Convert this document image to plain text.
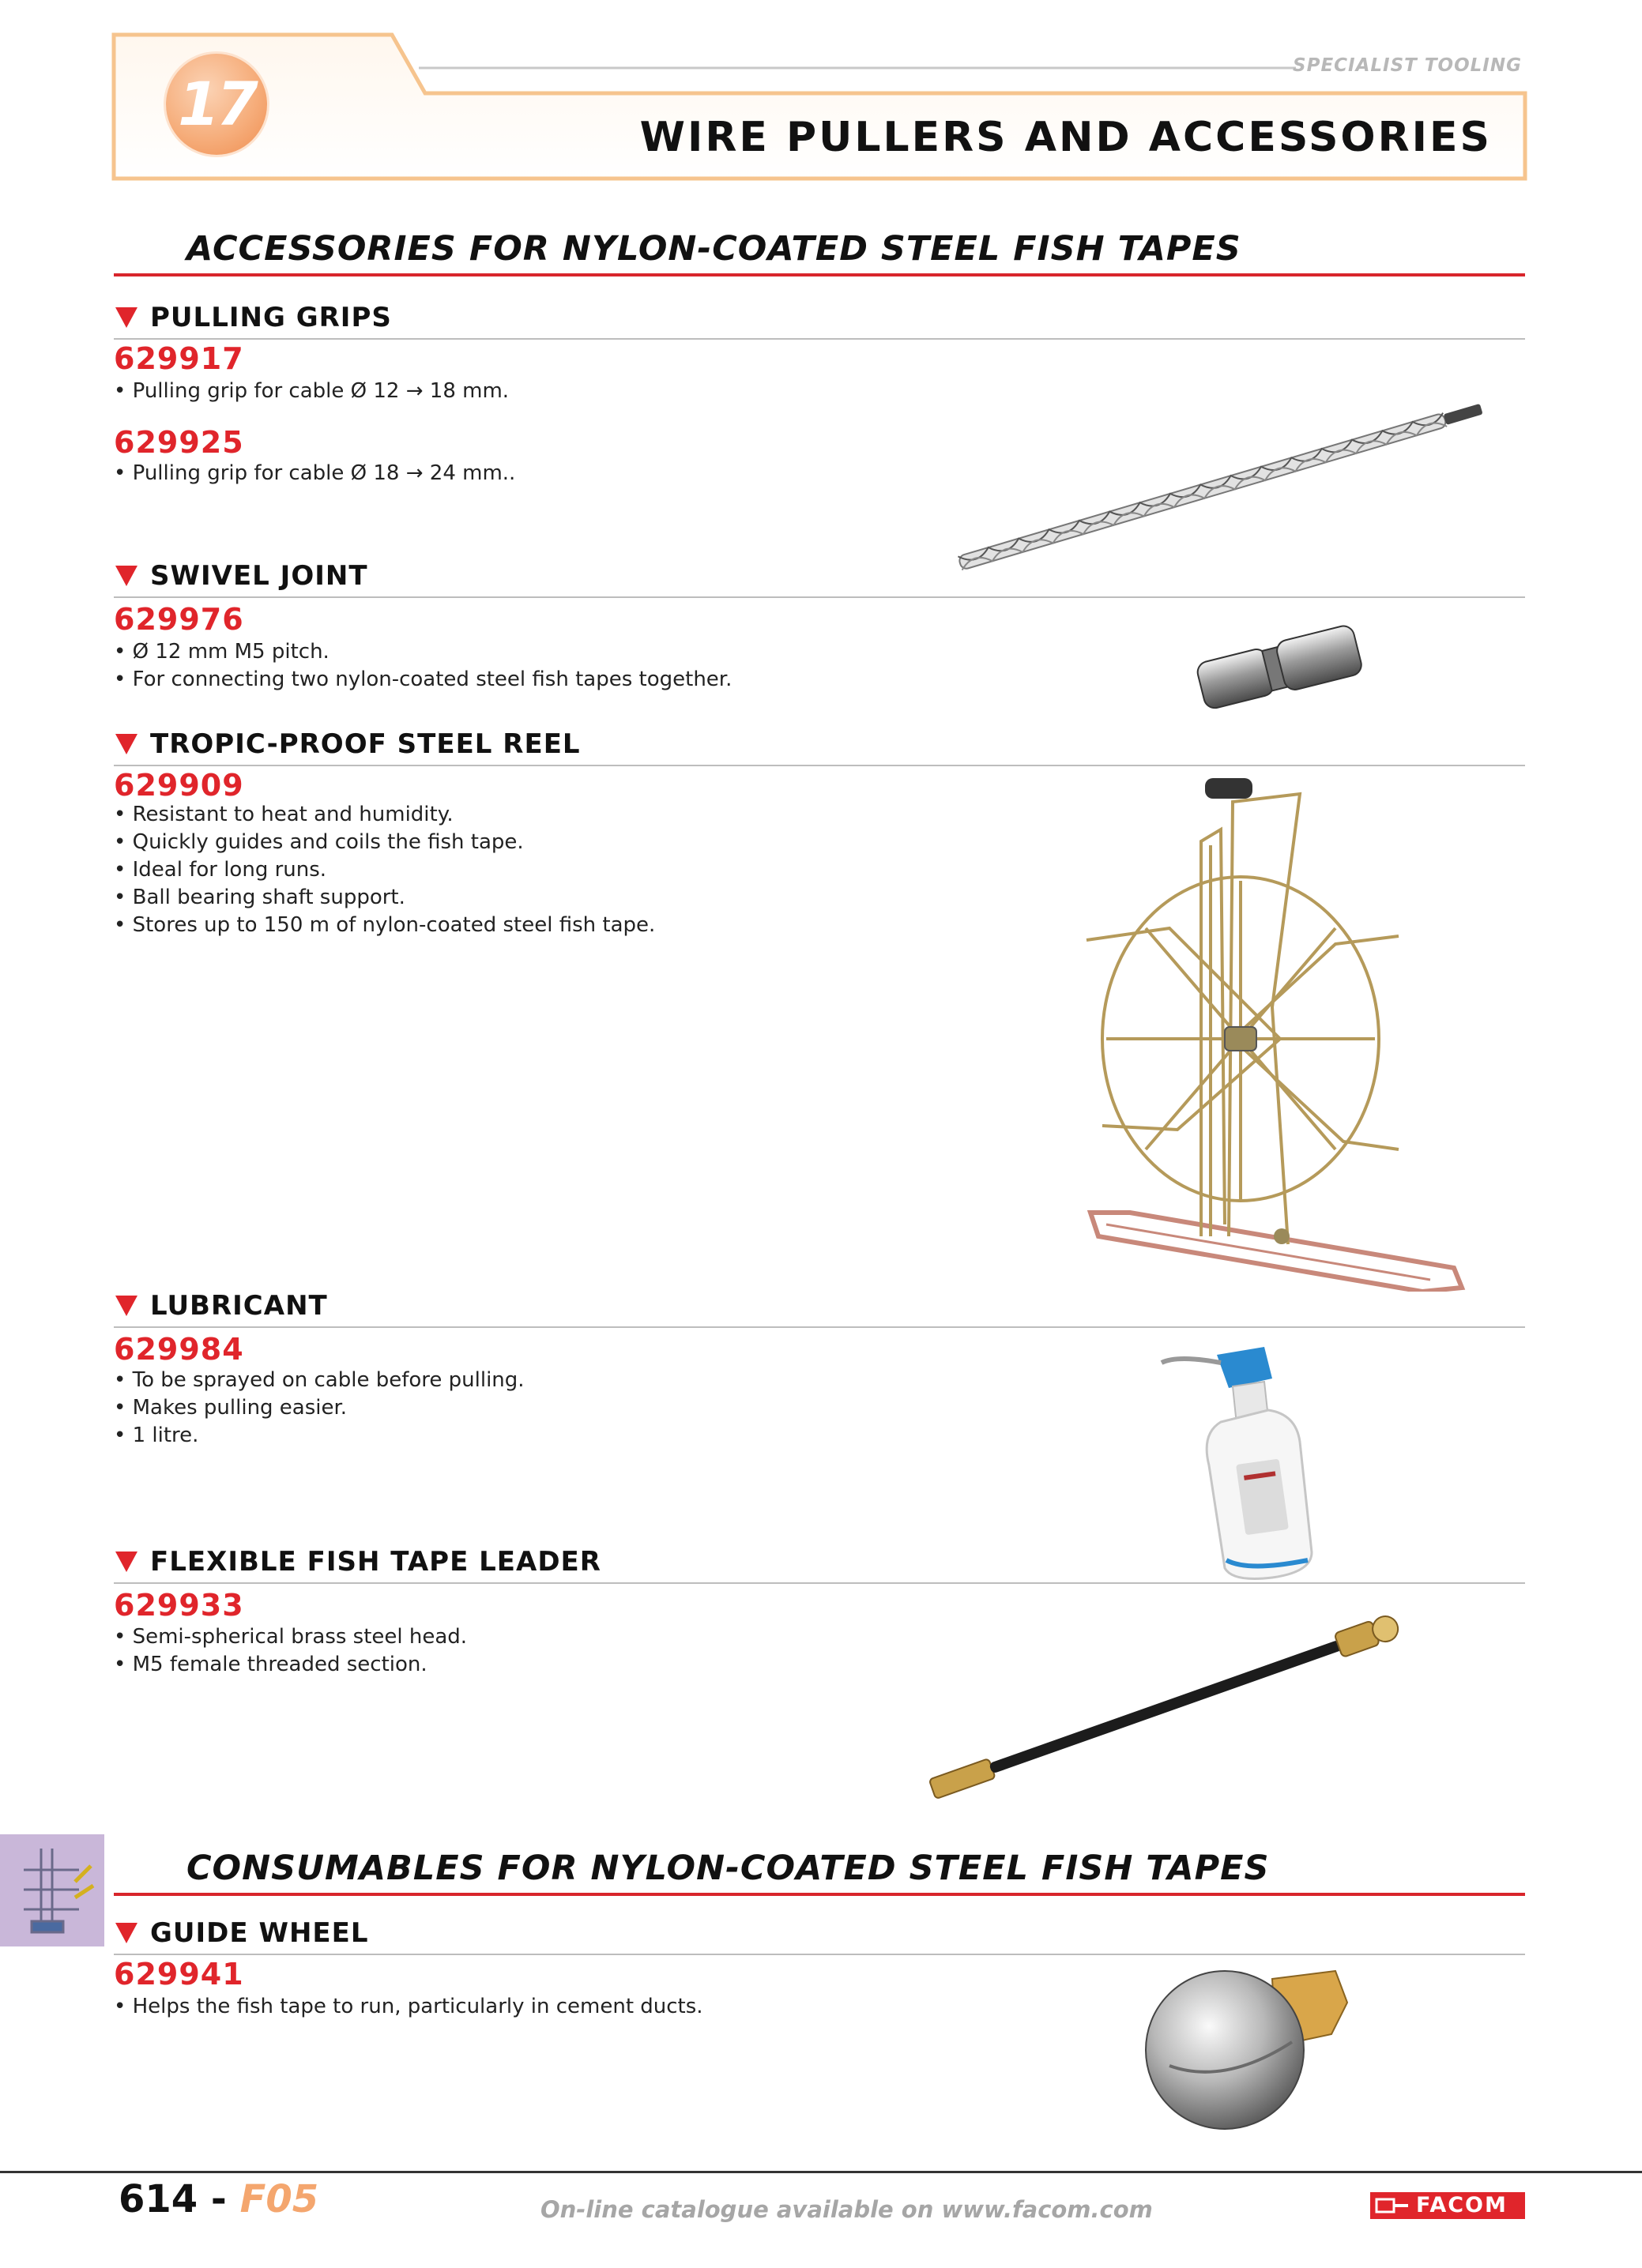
17
SPECIALIST TOOLING
WIRE PULLERS AND ACCESSORIES
ACCESSORIES FOR NYLON-COATED STEEL FISH TAPES
PULLING GRIPS
629917
• Pulling grip for cable Ø 12 → 18 mm.
629925
• Pulling grip for cable Ø 18 → 24 mm..
SWIVEL JOINT
629976
• Ø 12 mm M5 pitch.
• For connecting two nylon-coated steel fish tapes together.
TROPIC-PROOF STEEL REEL
629909
• Resistant to heat and humidity.
• Quickly guides and coils the fish tape.
• Ideal for long runs.
• Ball bearing shaft support.
• Stores up to 150 m of nylon-coated steel fish tape.
LUBRICANT
629984
• To be sprayed on cable before pulling.
• Makes pulling easier.
• 1 litre.
FLEXIBLE FISH TAPE LEADER
629933
• Semi-spherical brass steel head.
• M5 female threaded section.
CONSUMABLES FOR NYLON-COATED STEEL FISH TAPES
GUIDE WHEEL
629941
• Helps the fish tape to run, particularly in cement ducts.
614 - F05	On-line catalogue available on www.facom.com	FACOM
